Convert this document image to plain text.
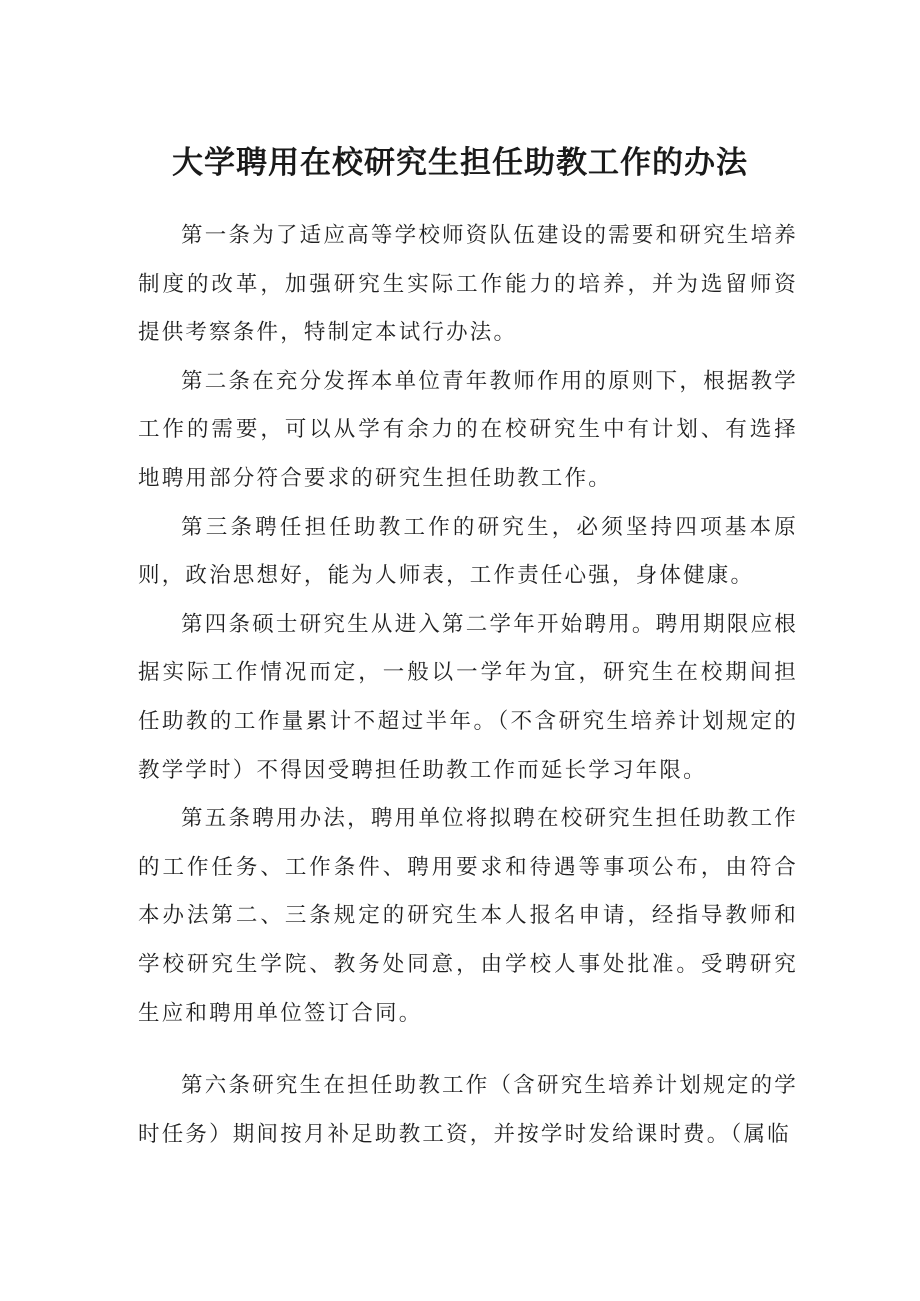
大学聘用在校研究生担任助教工作的办法

第一条为了适应高等学校师资队伍建设的需要和研究生培养制度的改革，加强研究生实际工作能力的培养，并为选留师资提供考察条件，特制定本试行办法。

第二条在充分发挥本单位青年教师作用的原则下，根据教学工作的需要，可以从学有余力的在校研究生中有计划、有选择地聘用部分符合要求的研究生担任助教工作。

第三条聘任担任助教工作的研究生，必须坚持四项基本原则，政治思想好，能为人师表，工作责任心强，身体健康。

第四条硕士研究生从进入第二学年开始聘用。聘用期限应根据实际工作情况而定，一般以一学年为宜，研究生在校期间担任助教的工作量累计不超过半年。（不含研究生培养计划规定的教学学时）不得因受聘担任助教工作而延长学习年限。

第五条聘用办法，聘用单位将拟聘在校研究生担任助教工作的工作任务、工作条件、聘用要求和待遇等事项公布，由符合本办法第二、三条规定的研究生本人报名申请，经指导教师和学校研究生学院、教务处同意，由学校人事处批准。受聘研究生应和聘用单位签订合同。

第六条研究生在担任助教工作（含研究生培养计划规定的学时任务）期间按月补足助教工资，并按学时发给课时费。（属临
